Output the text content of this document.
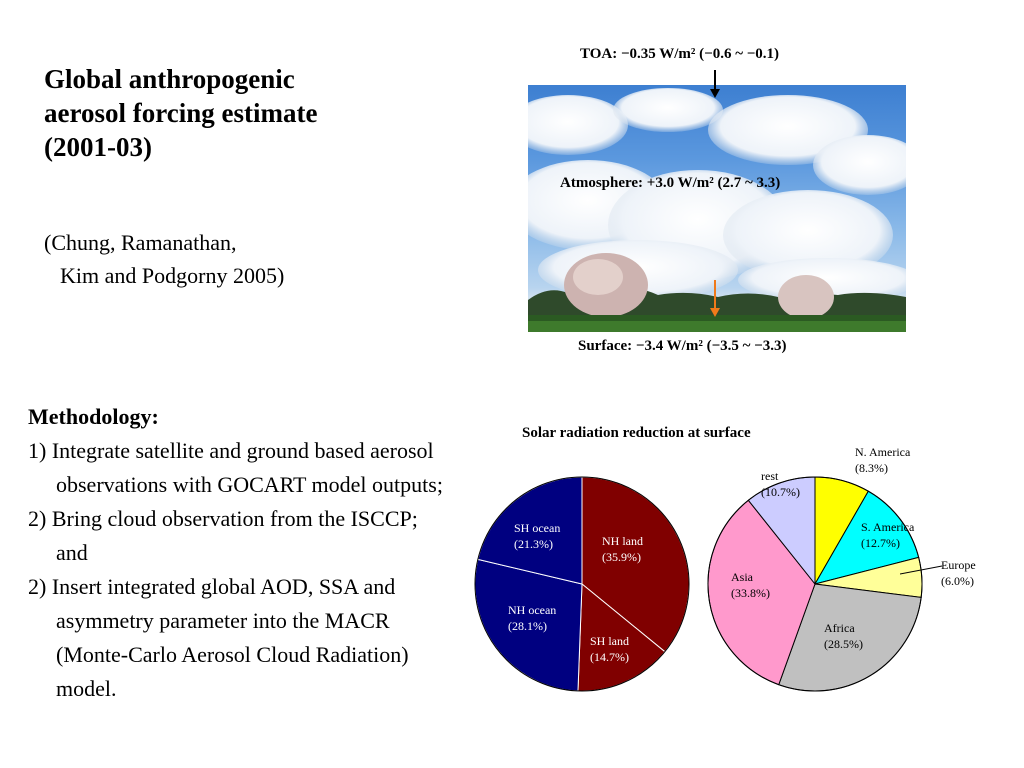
Global anthropogenic
aerosol forcing estimate
(2001-03)
(Chung, Ramanathan,
Kim and Podgorny 2005)
Methodology:
1) Integrate satellite and ground based aerosol observations with GOCART model outputs;
2) Bring cloud observation from the ISCCP; and
2) Insert integrated global AOD, SSA and asymmetry parameter into the MACR (Monte-Carlo Aerosol Cloud Radiation) model.
TOA: −0.35 W/m² (−0.6 ~ −0.1)
Atmosphere: +3.0 W/m² (2.7 ~ 3.3)
Surface: −3.4 W/m² (−3.5 ~ −3.3)
Solar radiation reduction at surface
SH ocean
(21.3%)	NH land
(35.9%)
NH ocean
(28.1%)
SH land
(14.7%)
N. America
(8.3%)
rest
(10.7%)
S. America
(12.7%)
Europe
(6.0%)
Asia
(33.8%)
Africa
(28.5%)
